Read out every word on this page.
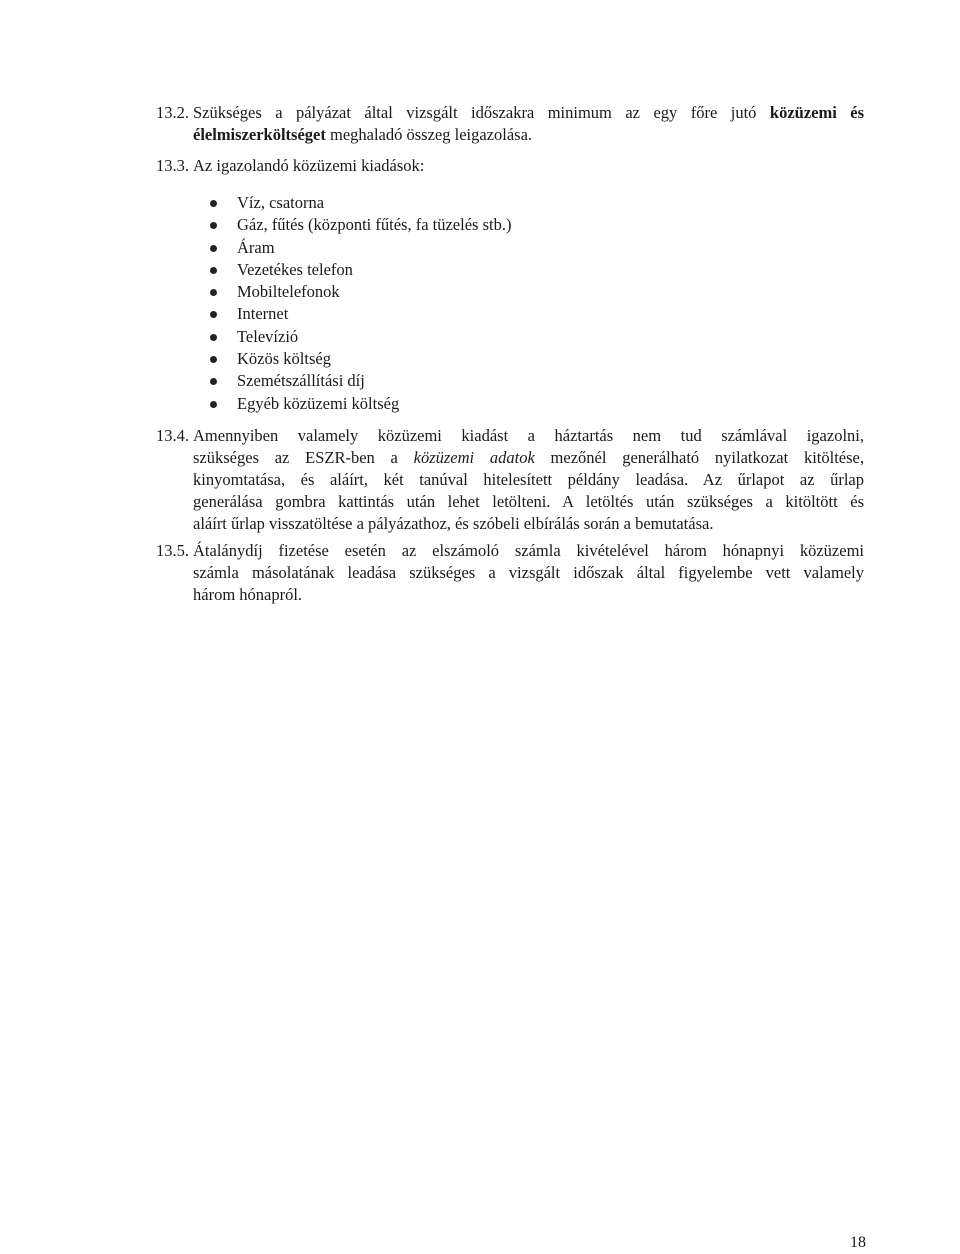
13.2. Szükséges a pályázat által vizsgált időszakra minimum az egy főre jutó közüzemi és
élelmiszerköltséget meghaladó összeg leigazolása.
13.3. Az igazolandó közüzemi kiadások:
Víz, csatorna
Gáz, fűtés (központi fűtés, fa tüzelés stb.)
Áram
Vezetékes telefon
Mobiltelefonok
Internet
Televízió
Közös költség
Szemétszállítási díj
Egyéb közüzemi költség
13.4. Amennyiben valamely közüzemi kiadást a háztartás nem tud számlával igazolni,
szükséges az ESZR-ben a közüzemi adatok mezőnél generálható nyilatkozat kitöltése,
kinyomtatása, és aláírt, két tanúval hitelesített példány leadása. Az űrlapot az űrlap
generálása gombra kattintás után lehet letölteni. A letöltés után szükséges a kitöltött és
aláírt űrlap visszatöltése a pályázathoz, és szóbeli elbírálás során a bemutatása.
13.5. Átalánydíj fizetése esetén az elszámoló számla kivételével három hónapnyi közüzemi
számla másolatának leadása szükséges a vizsgált időszak által figyelembe vett valamely
három hónapról.
18
